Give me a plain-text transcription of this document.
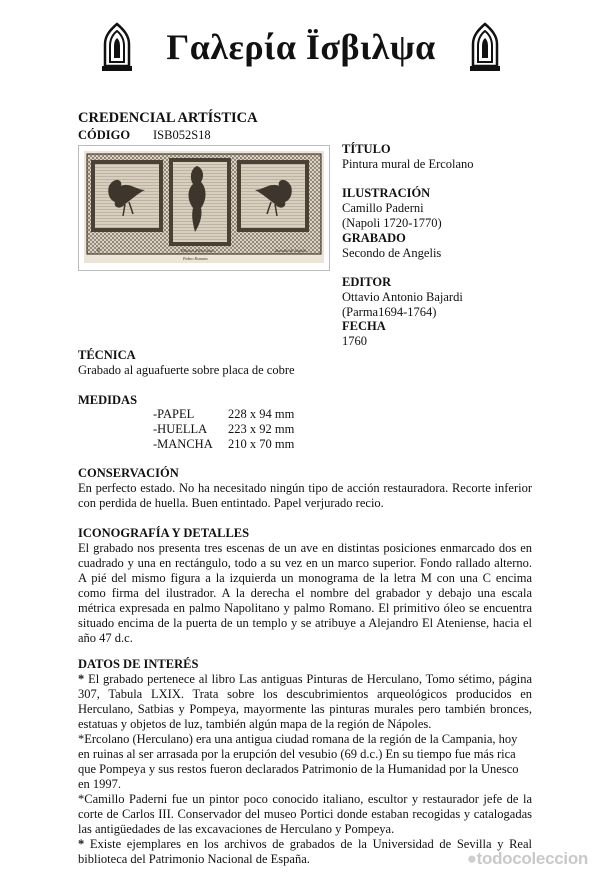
Γαλερία Ïσβιλψα
CREDENCIAL ARTÍSTICA
CÓDIGO ISB052S18
P	Pittura d'Ercolano
Palmo Romano
Secondo de Angelis
TÍTULO
Pintura mural de Ercolano
ILUSTRACIÓN
Camillo Paderni
(Napoli 1720-1770)
GRABADO
Secondo de Angelis
EDITOR
Ottavio Antonio Bajardi
(Parma1694-1764)
FECHA
1760
TÉCNICA
Grabado al aguafuerte sobre placa de cobre
MEDIDAS
-PAPEL	228 x 94 mm
-HUELLA 223 x 92 mm
-MANCHA 210 x 70 mm
CONSERVACIÓN

En perfecto estado. No ha necesitado ningún tipo de acción restauradora. Recorte inferior con perdida de huella. Buen entintado. Papel verjurado recio.

ICONOGRAFÍA Y DETALLES

El grabado nos presenta tres escenas de un ave en distintas posiciones enmarcado dos en cuadrado y una en rectángulo, todo a su vez en un marco superior. Fondo rallado alterno. A pié del mismo figura a la izquierda un monograma de la letra M con una C encima como firma del ilustrador. A la derecha el nombre del grabador y debajo una escala métrica expresada en palmo Napolitano y palmo Romano. El primitivo óleo se encuentra situado encima de la puerta de un templo y se atribuye a Alejandro El Ateniense, hacia el año 47 d.c.

DATOS DE INTERÉS

* El grabado pertenece al libro Las antiguas Pinturas de Herculano, Tomo sétimo, página 307, Tabula LXIX. Trata sobre los descubrimientos arqueológicos producidos en Herculano, Satbias y Pompeya, mayormente las pinturas murales pero también bronces, estatuas y objetos de luz, también algún mapa de la región de Nápoles.

*Ercolano (Herculano) era una antigua ciudad romana de la región de la Campania, hoy en ruinas al ser arrasada por la erupción del vesubio (69 d.c.) En su tiempo fue más rica que Pompeya y sus restos fueron declarados Patrimonio de la Humanidad por la Unesco en 1997.

*Camillo Paderni fue un pintor poco conocido italiano, escultor y restaurador jefe de la corte de Carlos III. Conservador del museo Portici donde estaban recogidas y catalogadas las antigüedades de las excavaciones de Herculano y Pompeya.

* Existe ejemplares en los archivos de grabados de la Universidad de Sevilla y Real biblioteca del Patrimonio Nacional de España.	●todocoleccion
